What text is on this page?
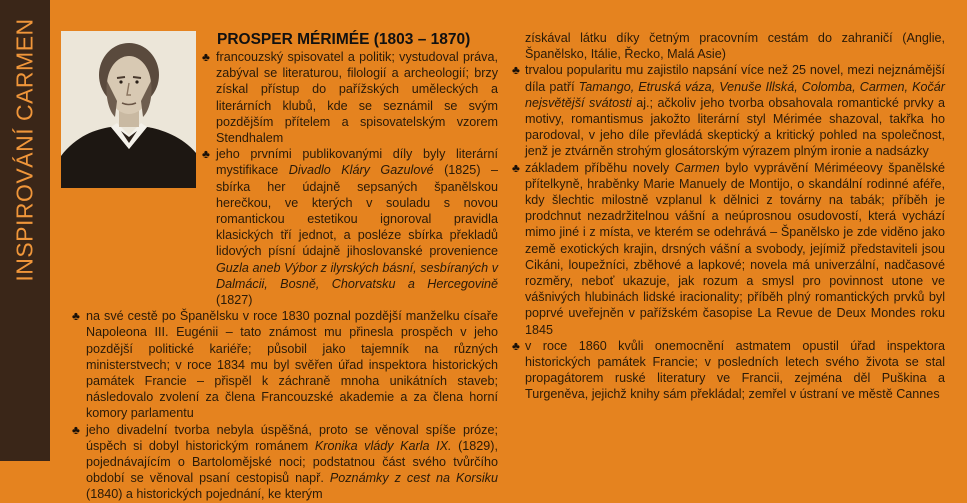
INSPIROVÁNÍ CARMEN	PROSPER MÉRIMÉE (1803 – 1870)
♣ francouzský spisovatel a politik; vystudoval práva, zabýval se literaturou, filologií a archeologií; brzy získal přístup do pařížských uměleckých a literárních klubů, kde se seznámil se svým pozdějším přítelem a spisovatelským vzorem Stendhalem
♣ jeho prvními publikovanými díly byly literární mystifikace Divadlo Kláry Gazulové (1825) – sbírka her údajně sepsaných španělskou herečkou, ve kterých v souladu s novou romantickou estetikou ignoroval pravidla klasických tří jednot, a posléze sbírka překladů lidových písní údajně jihoslovanské provenience Guzla aneb Výbor z ilyrských básní, sesbíraných v Dalmácii, Bosně, Chorvatsku a Hercegovině (1827)
♣ na své cestě po Španělsku v roce 1830 poznal pozdější manželku císaře Napoleona III. Eugénii – tato známost mu přinesla prospěch v jeho pozdější politické kariéře; působil jako tajemník na různých ministerstvech; v roce 1834 mu byl svěřen úřad inspektora historických památek Francie – přispěl k záchraně mnoha unikátních staveb; následovalo zvolení za člena Francouzské akademie a za člena horní komory parlamentu
♣ jeho divadelní tvorba nebyla úspěšná, proto se věnoval spíše próze; úspěch si dobyl historickým románem Kronika vlády Karla IX. (1829), pojednávajícím o Bartolomějské noci; podstatnou část svého tvůrčího období se věnoval psaní cestopisů např. Poznámky z cest na Korsiku (1840) a historických pojednání, ke kterým
získával látku díky četným pracovním cestám do zahraničí (Anglie, Španělsko, Itálie, Řecko, Malá Asie)
♣ trvalou popularitu mu zajistilo napsání více než 25 novel, mezi nejznámější díla patří Tamango, Etruská váza, Venuše Illská, Colomba, Carmen, Kočár nejsvětější svátosti aj.; ačkoliv jeho tvorba obsahovala romantické prvky a motivy, romantismus jakožto literární styl Mérimée shazoval, takřka ho parodoval, v jeho díle převládá skeptický a kritický pohled na společnost, jenž je ztvárněn strohým glosátorským výrazem plným ironie a nadsázky
♣ základem příběhu novely Carmen bylo vyprávění Mériméeovy španělské přítelkyně, hraběnky Marie Manuely de Montijo, o skandální rodinné aféře, kdy šlechtic milostně vzplanul k dělnici z továrny na tabák; příběh je prodchnut nezadržitelnou vášní a neúprosnou osudovostí, která vychází mimo jiné i z místa, ve kterém se odehrává – Španělsko je zde viděno jako země exotických krajin, drsných vášní a svobody, jejímiž představiteli jsou Cikáni, loupežníci, zběhové a lapkové; novela má univerzální, nadčasové rozměry, neboť ukazuje, jak rozum a smysl pro povinnost utone ve vášnivých hlubinách lidské iracionality; příběh plný romantických prvků byl poprvé uveřejněn v pařížském časopise La Revue de Deux Mondes roku 1845
♣ v roce 1860 kvůli onemocnění astmatem opustil úřad inspektora historických památek Francie; v posledních letech svého života se stal propagátorem ruské literatury ve Francii, zejména děl Puškina a Turgeněva, jejichž knihy sám překládal; zemřel v ústraní ve městě Cannes
